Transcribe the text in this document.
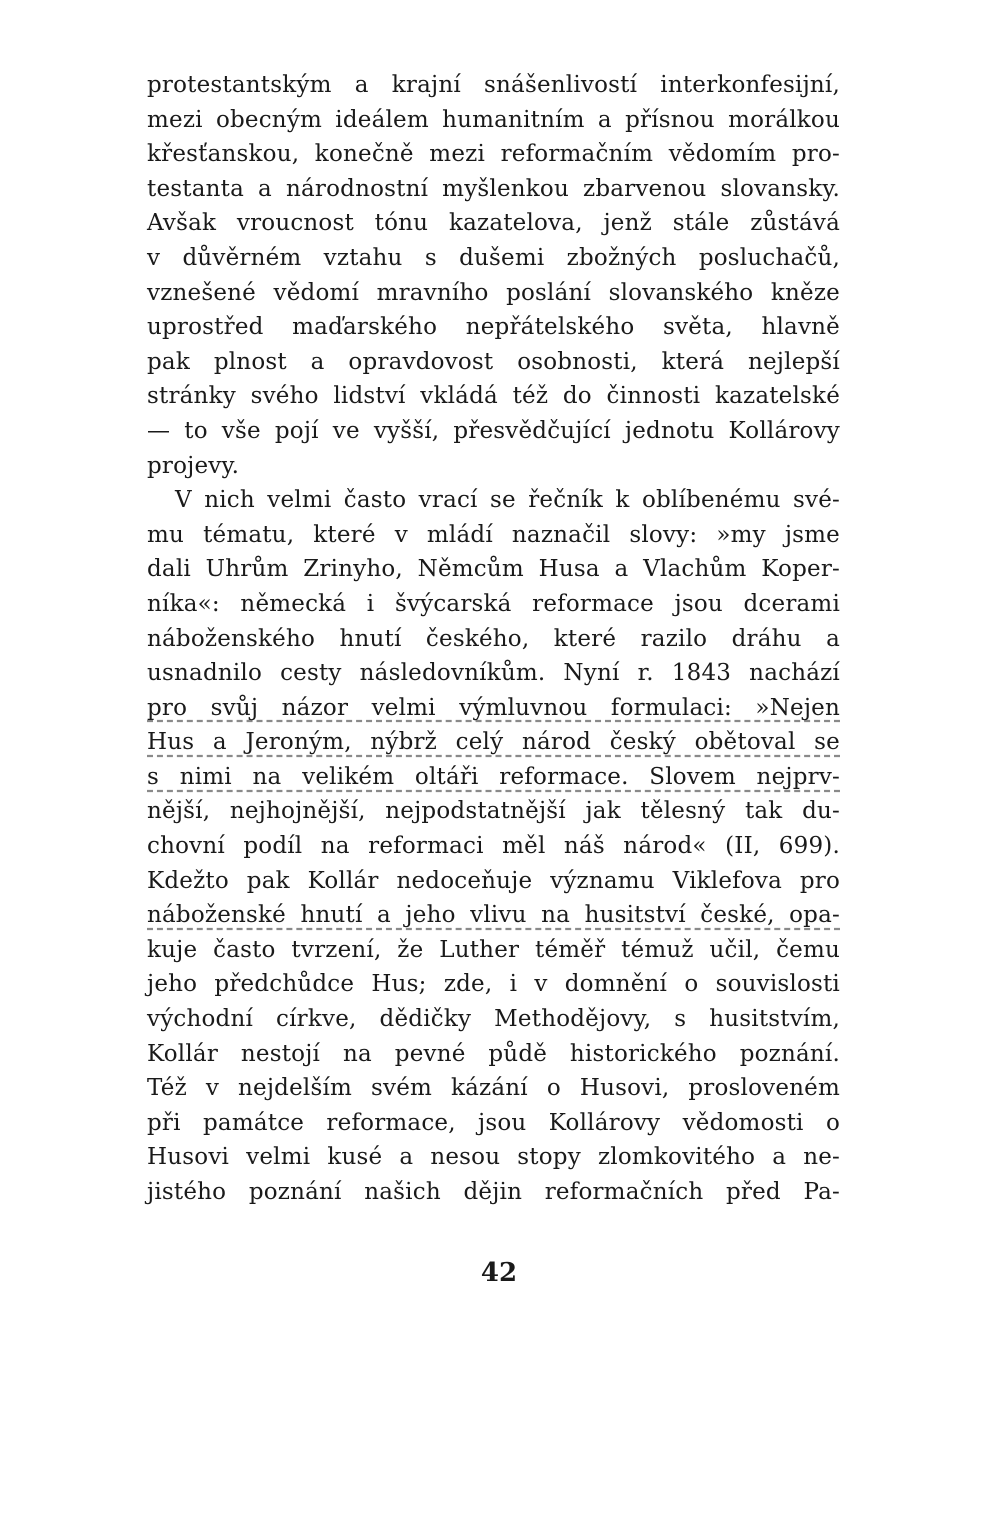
protestantským a krajní snášenlivostí interkonfesijní,
mezi obecným ideálem humanitním a přísnou morálkou
křesťanskou, konečně mezi reformačním vědomím pro-
testanta a národnostní myšlenkou zbarvenou slovansky.
Avšak vroucnost tónu kazatelova, jenž stále zůstává
v důvěrném vztahu s dušemi zbožných posluchačů,
vznešené vědomí mravního poslání slovanského kněze
uprostřed maďarského nepřátelského světa, hlavně
pak plnost a opravdovost osobnosti, která nejlepší
stránky svého lidství vkládá též do činnosti kazatelské
— to vše pojí ve vyšší, přesvědčující jednotu Kollárovy
projevy.
V nich velmi často vrací se řečník k oblíbenému své-
mu tématu, které v mládí naznačil slovy: »my jsme
dali Uhrům Zrinyho, Němcům Husa a Vlachům Koper-
níka«: německá i švýcarská reformace jsou dcerami
náboženského hnutí českého, které razilo dráhu a
usnadnilo cesty následovníkům. Nyní r. 1843 nachází
pro svůj názor velmi výmluvnou formulaci: »Nejen
Hus a Jeroným, nýbrž celý národ český obětoval se
s nimi na velikém oltáři reformace. Slovem nejprv-
nější, nejhojnější, nejpodstatnější jak tělesný tak du-
chovní podíl na reformaci měl náš národ« (II, 699).
Kdežto pak Kollár nedoceňuje významu Viklefova pro
náboženské hnutí a jeho vlivu na husitství české, opa-
kuje často tvrzení, že Luther téměř témuž učil, čemu
jeho předchůdce Hus; zde, i v domnění o souvislosti
východní církve, dědičky Methodějovy, s husitstvím,
Kollár nestojí na pevné půdě historického poznání.
Též v nejdelším svém kázání o Husovi, prosloveném
při památce reformace, jsou Kollárovy vědomosti o
Husovi velmi kusé a nesou stopy zlomkovitého a ne-
jistého poznání našich dějin reformačních před Pa-
42
